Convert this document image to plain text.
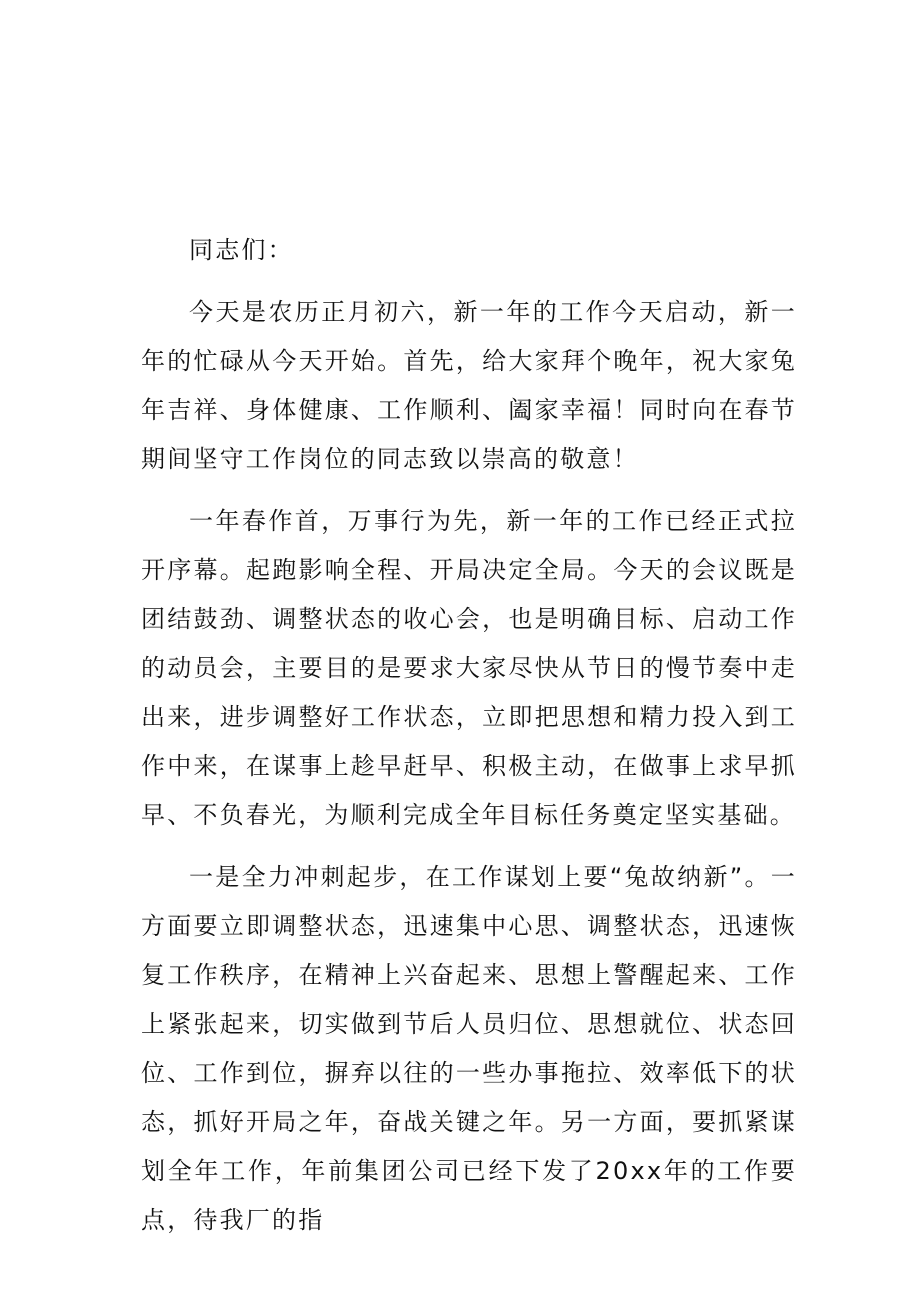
同志们：

今天是农历正月初六，新一年的工作今天启动，新一年的忙碌从今天开始。首先，给大家拜个晚年，祝大家兔年吉祥、身体健康、工作顺利、阖家幸福！同时向在春节期间坚守工作岗位的同志致以崇高的敬意！

一年春作首，万事行为先，新一年的工作已经正式拉开序幕。起跑影响全程、开局决定全局。今天的会议既是团结鼓劲、调整状态的收心会，也是明确目标、启动工作的动员会，主要目的是要求大家尽快从节日的慢节奏中走出来，进步调整好工作状态，立即把思想和精力投入到工作中来，在谋事上趁早赶早、积极主动，在做事上求早抓早、不负春光，为顺利完成全年目标任务奠定坚实基础。

一是全力冲刺起步，在工作谋划上要“兔故纳新”。一方面要立即调整状态，迅速集中心思、调整状态，迅速恢复工作秩序，在精神上兴奋起来、思想上警醒起来、工作上紧张起来，切实做到节后人员归位、思想就位、状态回位、工作到位，摒弃以往的一些办事拖拉、效率低下的状态，抓好开局之年，奋战关键之年。另一方面，要抓紧谋划全年工作，年前集团公司已经下发了20xx年的工作要点，待我厂的指
